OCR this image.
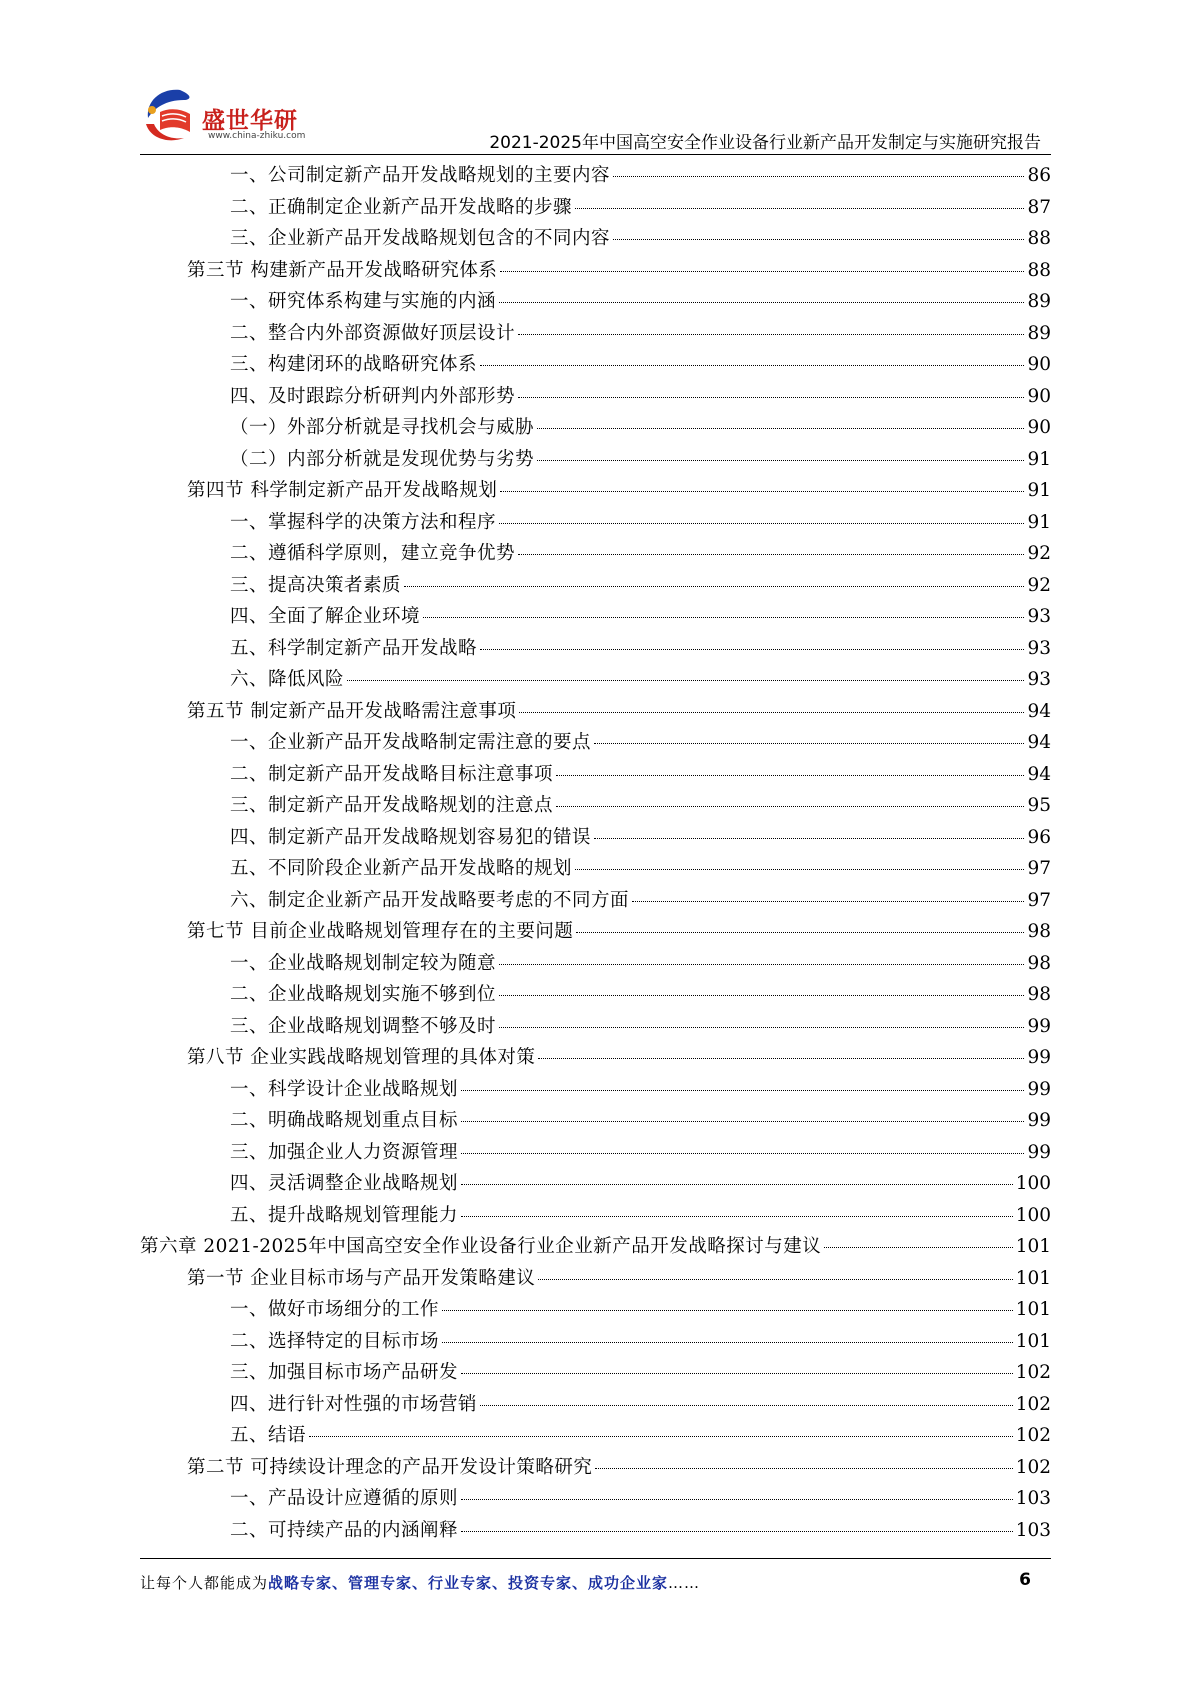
盛世华研
www.china-zhiku.com	2021-2025年中国高空安全作业设备行业新产品开发制定与实施研究报告
一、公司制定新产品开发战略规划的主要内容	86
二、正确制定企业新产品开发战略的步骤	87
三、企业新产品开发战略规划包含的不同内容	88
第三节 构建新产品开发战略研究体系	88
一、研究体系构建与实施的内涵	89
二、整合内外部资源做好顶层设计	89
三、构建闭环的战略研究体系	90
四、及时跟踪分析研判内外部形势	90
（一）外部分析就是寻找机会与威胁	90
（二）内部分析就是发现优势与劣势	91
第四节 科学制定新产品开发战略规划	91
一、掌握科学的决策方法和程序	91
二、遵循科学原则，建立竞争优势	92
三、提高决策者素质	92
四、全面了解企业环境	93
五、科学制定新产品开发战略	93
六、降低风险	93
第五节 制定新产品开发战略需注意事项	94
一、企业新产品开发战略制定需注意的要点	94
二、制定新产品开发战略目标注意事项	94
三、制定新产品开发战略规划的注意点	95
四、制定新产品开发战略规划容易犯的错误	96
五、不同阶段企业新产品开发战略的规划	97
六、制定企业新产品开发战略要考虑的不同方面	97
第七节 目前企业战略规划管理存在的主要问题	98
一、企业战略规划制定较为随意	98
二、企业战略规划实施不够到位	98
三、企业战略规划调整不够及时	99
第八节 企业实践战略规划管理的具体对策	99
一、科学设计企业战略规划	99
二、明确战略规划重点目标	99
三、加强企业人力资源管理	99
四、灵活调整企业战略规划	100
五、提升战略规划管理能力	100
第六章 2021-2025年中国高空安全作业设备行业企业新产品开发战略探讨与建议	101
第一节 企业目标市场与产品开发策略建议	101
一、做好市场细分的工作	101
二、选择特定的目标市场	101
三、加强目标市场产品研发	102
四、进行针对性强的市场营销	102
五、结语	102
第二节 可持续设计理念的产品开发设计策略研究	102
一、产品设计应遵循的原则	103
二、可持续产品的内涵阐释	103
让每个人都能成为战略专家、管理专家、行业专家、投资专家、成功企业家……	6
